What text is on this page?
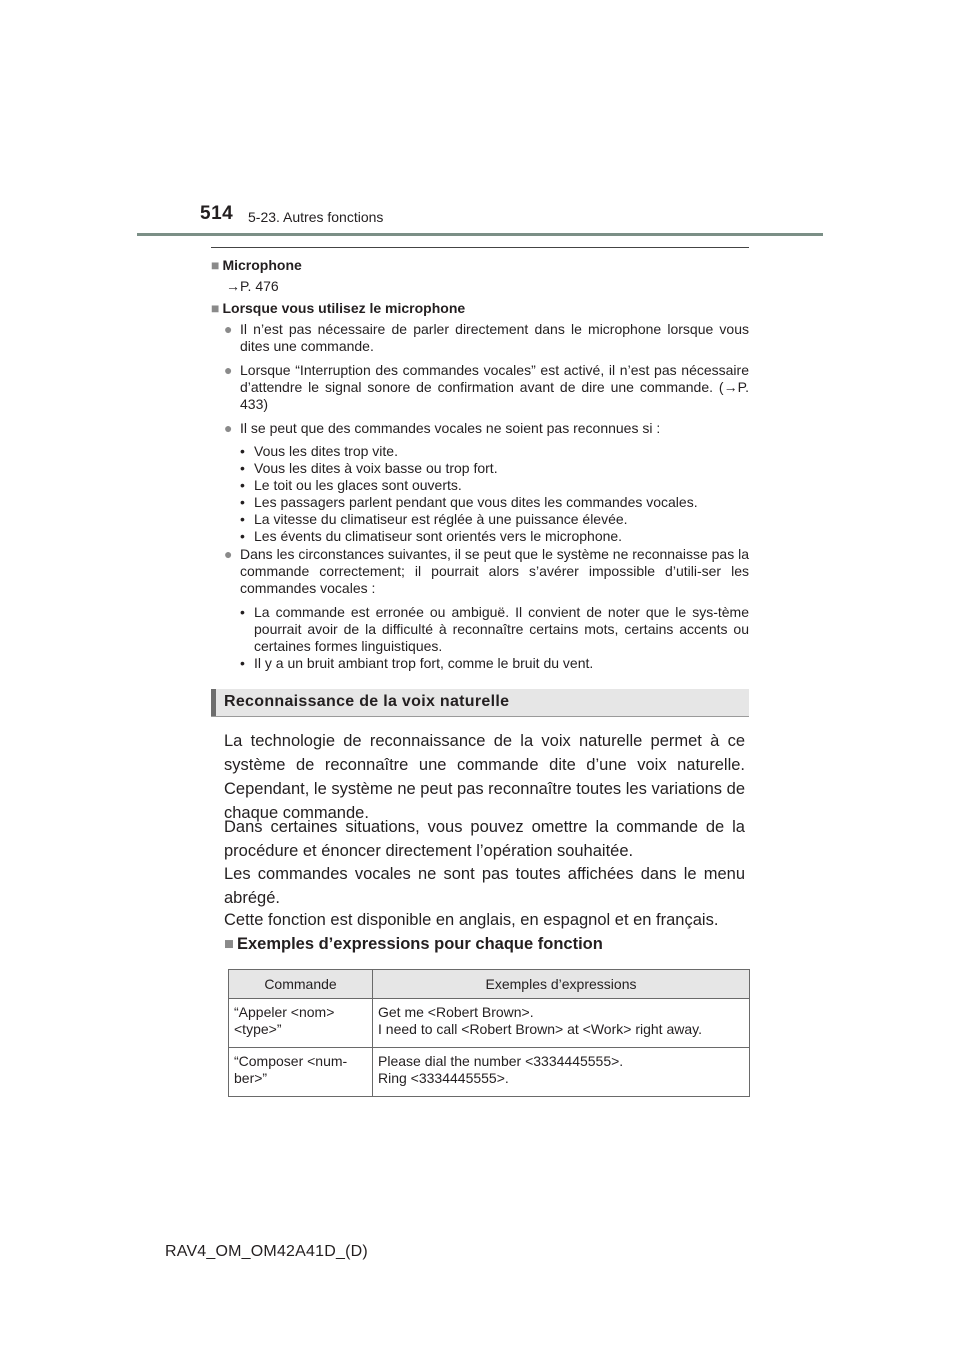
514 5-23. Autres fonctions
■ Microphone
→P. 476
■ Lorsque vous utilisez le microphone
● Il n’est pas nécessaire de parler directement dans le microphone lorsque vous dites une commande.
● Lorsque “Interruption des commandes vocales” est activé, il n’est pas nécessaire d’attendre le signal sonore de confirmation avant de dire une commande. (→P. 433)
● Il se peut que des commandes vocales ne soient pas reconnues si :
• Vous les dites trop vite.
• Vous les dites à voix basse ou trop fort.
• Le toit ou les glaces sont ouverts.
• Les passagers parlent pendant que vous dites les commandes vocales.
• La vitesse du climatiseur est réglée à une puissance élevée.
• Les évents du climatiseur sont orientés vers le microphone.
● Dans les circonstances suivantes, il se peut que le système ne reconnaisse pas la commande correctement; il pourrait alors s’avérer impossible d’utili-ser les commandes vocales :
• La commande est erronée ou ambiguë. Il convient de noter que le sys-tème pourrait avoir de la difficulté à reconnaître certains mots, certains accents ou certaines formes linguistiques.
• Il y a un bruit ambiant trop fort, comme le bruit du vent.
Reconnaissance de la voix naturelle
La technologie de reconnaissance de la voix naturelle permet à ce système de reconnaître une commande dite d’une voix naturelle. Cependant, le système ne peut pas reconnaître toutes les variations de chaque commande.
Dans certaines situations, vous pouvez omettre la commande de la procédure et énoncer directement l’opération souhaitée.
Les commandes vocales ne sont pas toutes affichées dans le menu abrégé.
Cette fonction est disponible en anglais, en espagnol et en français.
■ Exemples d’expressions pour chaque fonction
Commande	Exemples d’expressions
“Appeler <nom> <type>”	Get me <Robert Brown>.
I need to call <Robert Brown> at <Work> right away.

“Composer <num-ber>”	Please dial the number <3334445555>.
Ring <3334445555>.
RAV4_OM_OM42A41D_(D)
